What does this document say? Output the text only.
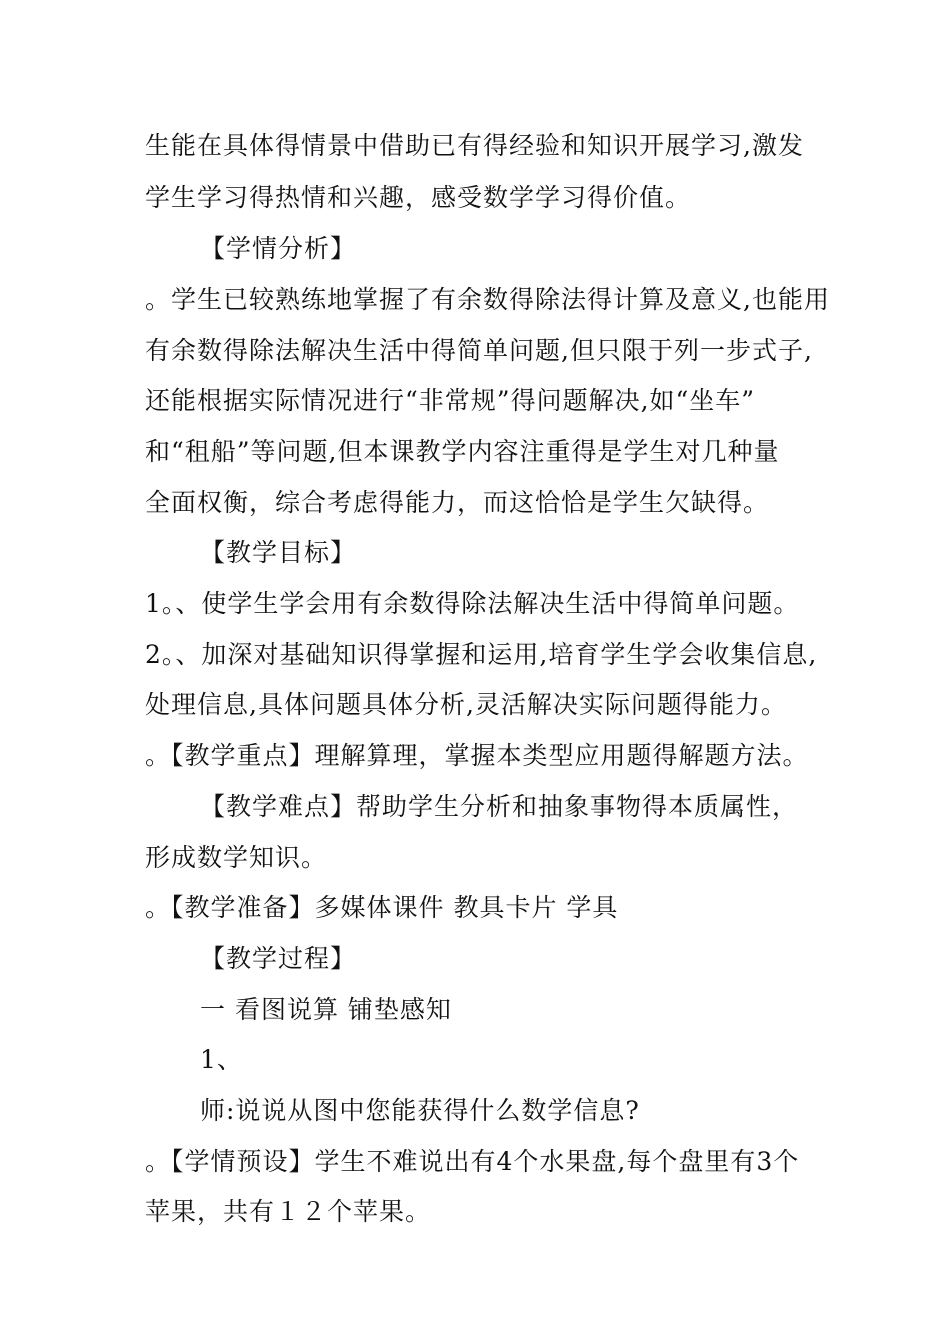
生能在具体得情景中借助已有得经验和知识开展学习,激发
学生学习得热情和兴趣，感受数学学习得价值。
【学情分析】
。学生已较熟练地掌握了有余数得除法得计算及意义,也能用
有余数得除法解决生活中得简单问题,但只限于列一步式子,
还能根据实际情况进行“非常规”得问题解决,如“坐车”
和“租船”等问题,但本课教学内容注重得是学生对几种量
全面权衡，综合考虑得能力，而这恰恰是学生欠缺得。
【教学目标】
1。、使学生学会用有余数得除法解决生活中得简单问题。
2。、加深对基础知识得掌握和运用,培育学生学会收集信息,
处理信息,具体问题具体分析,灵活解决实际问题得能力。
。【教学重点】理解算理，掌握本类型应用题得解题方法。
【教学难点】帮助学生分析和抽象事物得本质属性，
形成数学知识。
。【教学准备】多媒体课件 教具卡片 学具
【教学过程】
一 看图说算 铺垫感知
1、
师:说说从图中您能获得什么数学信息?
。【学情预设】学生不难说出有4个水果盘,每个盘里有3个
苹果，共有１２个苹果。
